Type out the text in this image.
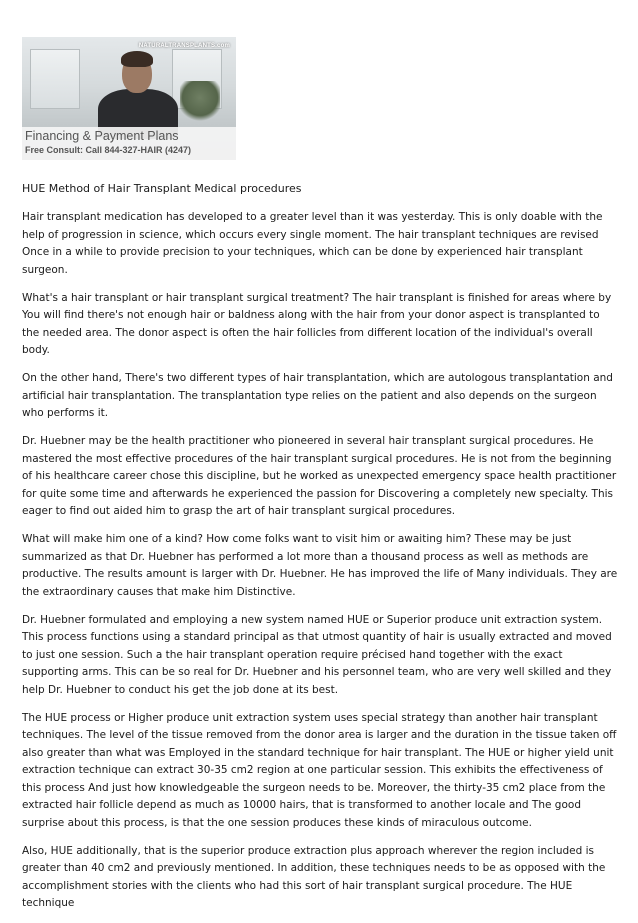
NATURALTRANSPLANTS.com
Financing & Payment Plans
Free Consult: Call 844-327-HAIR (4247)
HUE Method of Hair Transplant Medical procedures

Hair transplant medication has developed to a greater level than it was yesterday. This is only doable with the help of progression in science, which occurs every single moment. The hair transplant techniques are revised Once in a while to provide precision to your techniques, which can be done by experienced hair transplant surgeon.

What's a hair transplant or hair transplant surgical treatment? The hair transplant is finished for areas where by You will find there's not enough hair or baldness along with the hair from your donor aspect is transplanted to the needed area. The donor aspect is often the hair follicles from different location of the individual's overall body.

On the other hand, There's two different types of hair transplantation, which are autologous transplantation and artificial hair transplantation. The transplantation type relies on the patient and also depends on the surgeon who performs it.

Dr. Huebner may be the health practitioner who pioneered in several hair transplant surgical procedures. He mastered the most effective procedures of the hair transplant surgical procedures. He is not from the beginning of his healthcare career chose this discipline, but he worked as unexpected emergency space health practitioner for quite some time and afterwards he experienced the passion for Discovering a completely new specialty. This eager to find out aided him to grasp the art of hair transplant surgical procedures.

What will make him one of a kind? How come folks want to visit him or awaiting him? These may be just summarized as that Dr. Huebner has performed a lot more than a thousand process as well as methods are productive. The results amount is larger with Dr. Huebner. He has improved the life of Many individuals. They are the extraordinary causes that make him Distinctive.

Dr. Huebner formulated and employing a new system named HUE or Superior produce unit extraction system. This process functions using a standard principal as that utmost quantity of hair is usually extracted and moved to just one session. Such a the hair transplant operation require précised hand together with the exact supporting arms. This can be so real for Dr. Huebner and his personnel team, who are very well skilled and they help Dr. Huebner to conduct his get the job done at its best.

The HUE process or Higher produce unit extraction system uses special strategy than another hair transplant techniques. The level of the tissue removed from the donor area is larger and the duration in the tissue taken off also greater than what was Employed in the standard technique for hair transplant. The HUE or higher yield unit extraction technique can extract 30-35 cm2 region at one particular session. This exhibits the effectiveness of this process And just how knowledgeable the surgeon needs to be. Moreover, the thirty-35 cm2 place from the extracted hair follicle depend as much as 10000 hairs, that is transformed to another locale and The good surprise about this process, is that the one session produces these kinds of miraculous outcome.

Also, HUE additionally, that is the superior produce extraction plus approach wherever the region included is greater than 40 cm2 and previously mentioned. In addition, these techniques needs to be as opposed with the accomplishment stories with the clients who had this sort of hair transplant surgical procedure. The HUE technique
